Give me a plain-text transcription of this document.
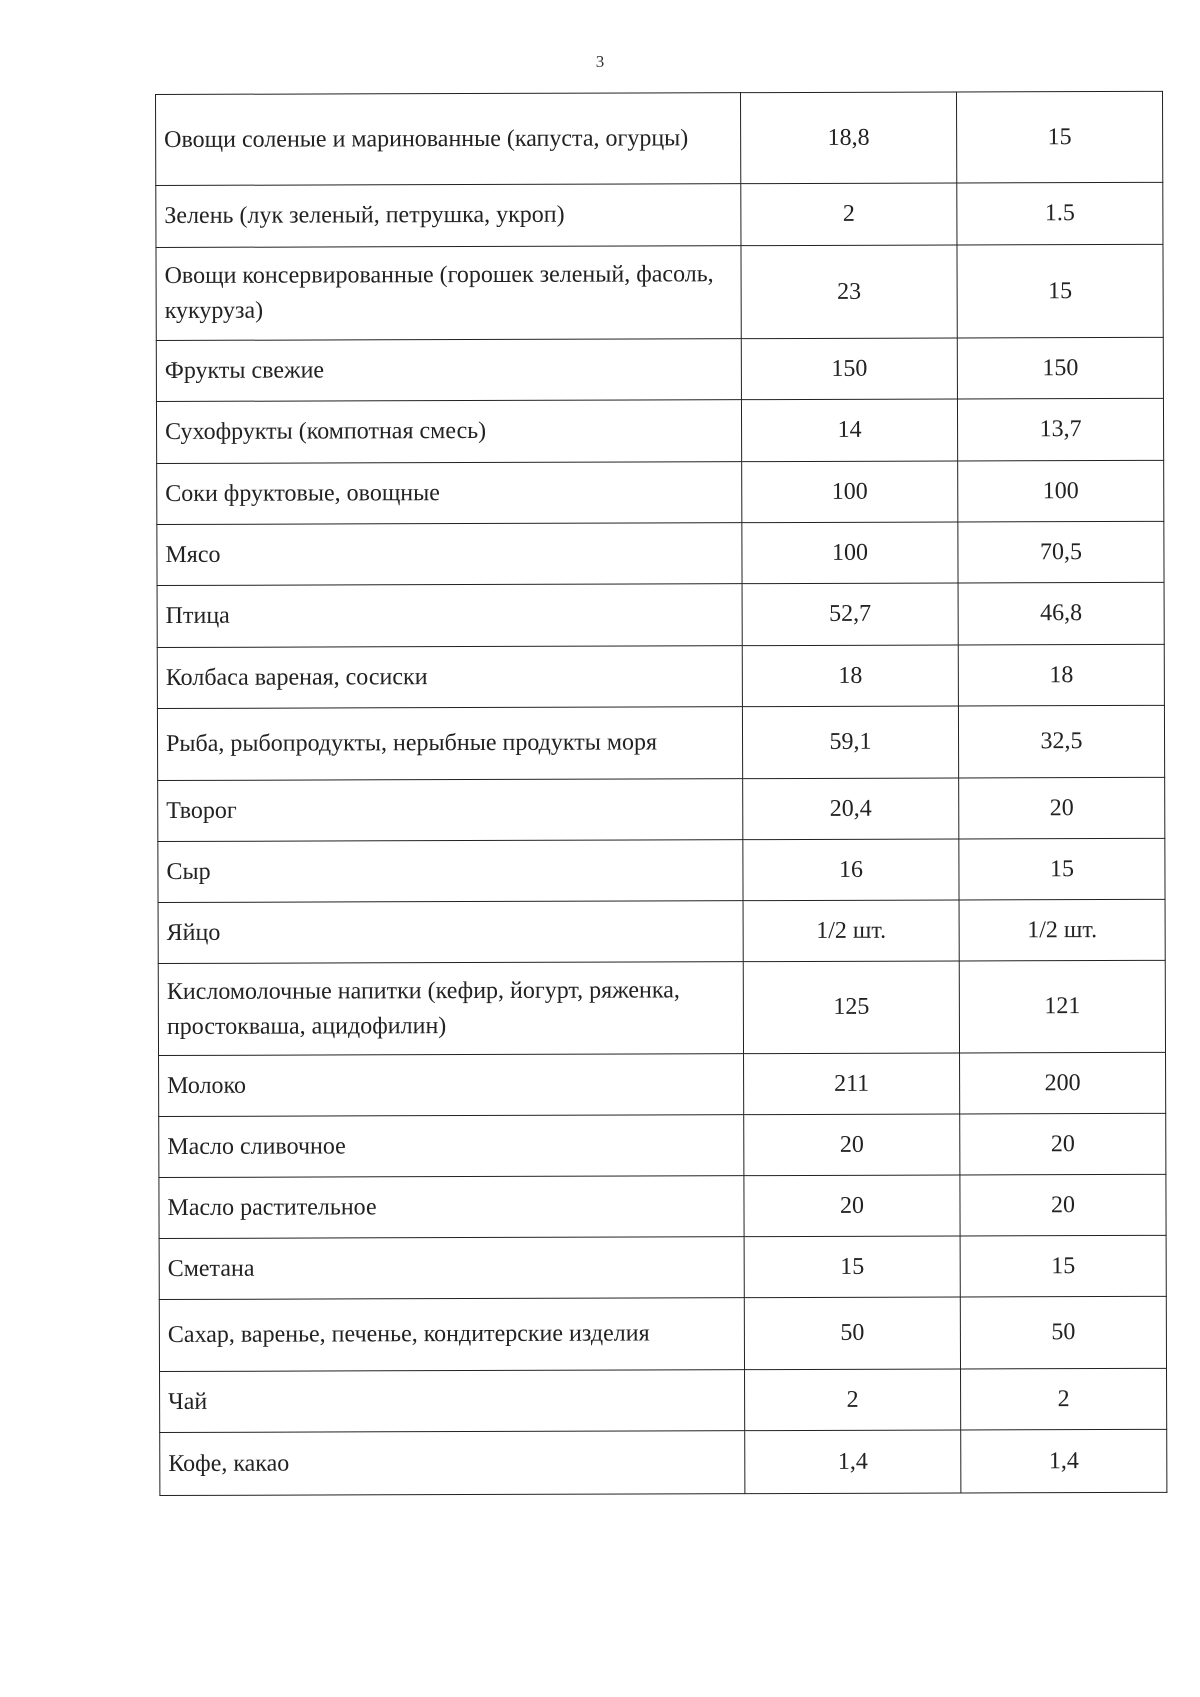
3
Овощи соленые и маринованные (капуста, огурцы)	18,8	15
Зелень (лук зеленый, петрушка, укроп)	2	1.5
Овощи консервированные (горошек зеленый, фасоль, кукуруза)	23	15
Фрукты свежие	150	150
Сухофрукты (компотная смесь)	14	13,7
Соки фруктовые, овощные	100	100
Мясо	100	70,5
Птица	52,7	46,8
Колбаса вареная, сосиски	18	18
Рыба, рыбопродукты, нерыбные продукты моря	59,1	32,5
Творог	20,4	20
Сыр	16	15
Яйцо	1/2 шт.	1/2 шт.
Кисломолочные напитки (кефир, йогурт, ряженка, простокваша, ацидофилин)	125	121
Молоко	211	200
Масло сливочное	20	20
Масло растительное	20	20
Сметана	15	15
Сахар, варенье, печенье, кондитерские изделия	50	50
Чай	2	2
Кофе, какао	1,4	1,4
